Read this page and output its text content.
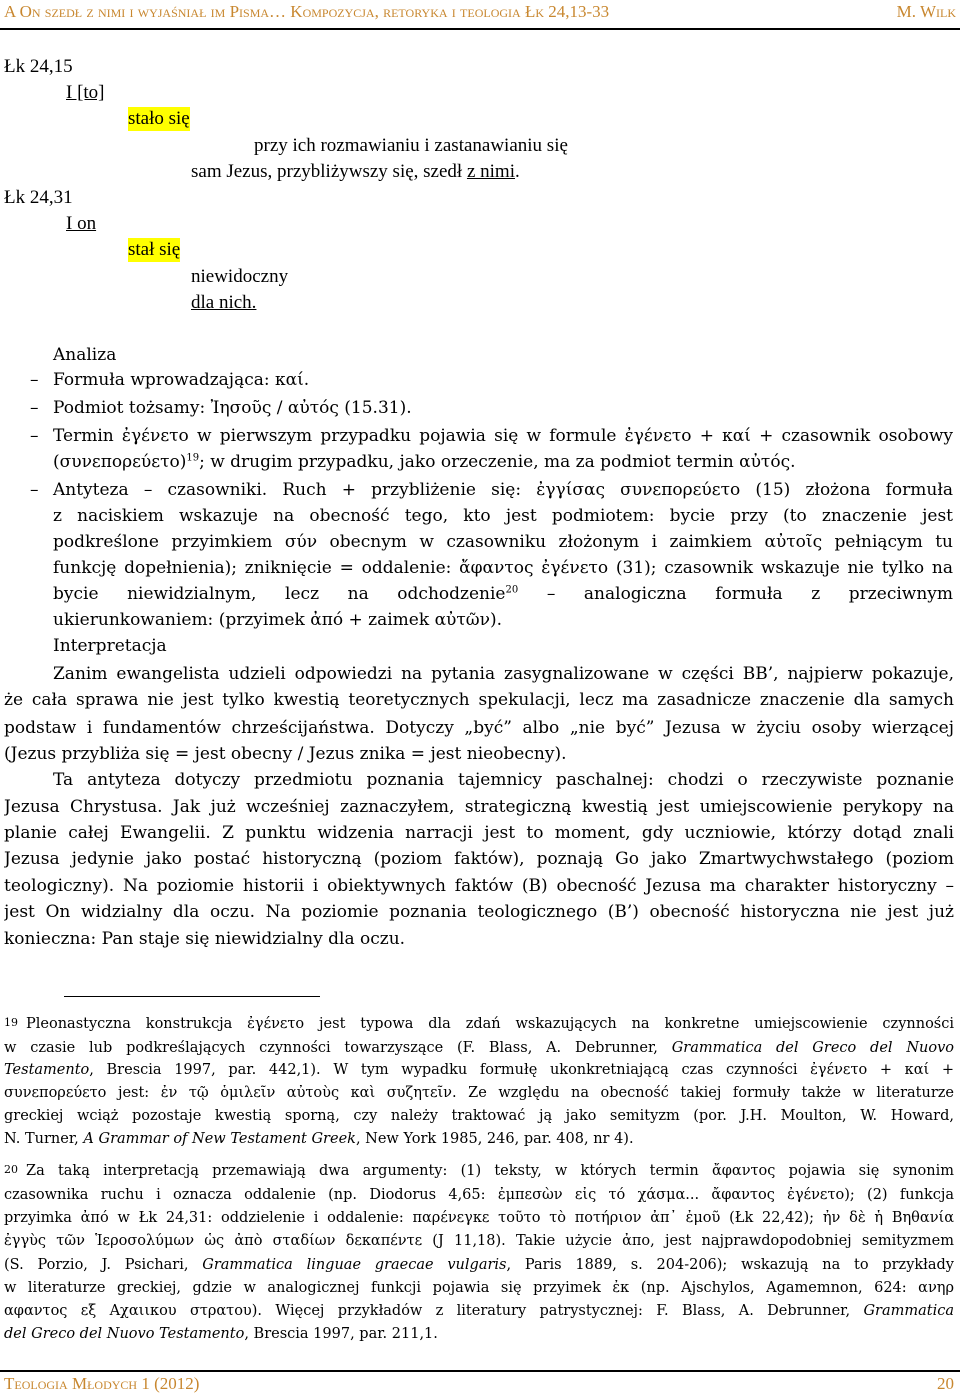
A On szedł z nimi i wyjaśniał im Pisma… Kompozycja, retoryka i teologia Łk 24,13-33	M. Wilk
Łk 24,15
I [to]
stało się
przy ich rozmawianiu i zastanawianiu się
sam Jezus, przybliżywszy się, szedł z nimi.
Łk 24,31
I on
stał się
niewidoczny
dla nich.
Analiza
– Formuła wprowadzająca: καί.
– Podmiot tożsamy: Ἰησοῦς / αὐτός (15.31).
– Termin ἐγένετο w pierwszym przypadku pojawia się w formule ἐγένετο + καί + czasownik osobowy
$(\sigma\upsilon\nu\varepsilon\pi o\rho\varepsilon ύ\varepsilon\tau o)^{19}$; w drugim przypadku, jako orzeczenie, ma za podmiot termin αὐτός.
– Antyteza – czasowniki. Ruch + przybliżenie się: ἐγγίσας συνεπορεύετο (15) złożona formuła
z naciskiem wskazuje na obecność tego, kto jest podmiotem: bycie przy (to znaczenie jest
podkreślone przyimkiem σύν obecnym w czasowniku złożonym i zaimkiem αὐτοῖς pełniącym tu
funkcję dopełnienia); zniknięcie = oddalenie: ἄφαντος ἐγένετο (31); czasownik wskazuje nie tylko na
bycie niewidzialnym, lecz na odchodzenie$^{20}$ – analogiczna formuła z przeciwnym
ukierunkowaniem: (przyimek ἀπό + zaimek αὐτῶν).
Interpretacja
Zanim ewangelista udzieli odpowiedzi na pytania zasygnalizowane w części BB’, najpierw pokazuje,
że cała sprawa nie jest tylko kwestią teoretycznych spekulacji, lecz ma zasadnicze znaczenie dla samych
podstaw i fundamentów chrześcijaństwa. Dotyczy „być” albo „nie być” Jezusa w życiu osoby wierzącej
(Jezus przybliża się = jest obecny / Jezus znika = jest nieobecny).
Ta antyteza dotyczy przedmiotu poznania tajemnicy paschalnej: chodzi o rzeczywiste poznanie
Jezusa Chrystusa. Jak już wcześniej zaznaczyłem, strategiczną kwestią jest umiejscowienie perykopy na
planie całej Ewangelii. Z punktu widzenia narracji jest to moment, gdy uczniowie, którzy dotąd znali
Jezusa jedynie jako postać historyczną (poziom faktów), poznają Go jako Zmartwychwstałego (poziom
teologiczny). Na poziomie historii i obiektywnych faktów (B) obecność Jezusa ma charakter historyczny –
jest On widzialny dla oczu. Na poziomie poznania teologicznego (B’) obecność historyczna nie jest już
konieczna: Pan staje się niewidzialny dla oczu.
19 Pleonastyczna konstrukcja ἐγένετο jest typowa dla zdań wskazujących na konkretne umiejscowienie czynności
w czasie lub podkreślających czynności towarzyszące (F. Blass, A. Debrunner, Grammatica del Greco del Nuovo
Testamento, Brescia 1997, par. 442,1). W tym wypadku formułę ukonkretniającą czas czynności ἐγένετο + καί +
συνεπορεύετο jest: ἐν τῷ ὁμιλεῖν αὐτοὺς καὶ συζητεῖν. Ze względu na obecność takiej formuły także w literaturze
greckiej wciąż pozostaje kwestią sporną, czy należy traktować ją jako semityzm (por. J.H. Moulton, W. Howard,
N. Turner, A Grammar of New Testament Greek, New York 1985, 246, par. 408, nr 4).
20 Za taką interpretacją przemawiają dwa argumenty: (1) teksty, w których termin ἄφαντος pojawia się synonim
czasownika ruchu i oznacza oddalenie (np. Diodorus 4,65: ἐμπεσὼν εἰς τό χάσμα... ἄφαντος ἐγένετο); (2) funkcja
przyimka ἀπό w Łk 24,31: oddzielenie i oddalenie: παρένεγκε τοῦτο τὸ ποτήριον ἀπ᾽ ἐμοῦ (Łk 22,42); ἦν δὲ ἡ Βηθανία
ἐγγὺς τῶν Ἱεροσολύμων ὡς ἀπὸ σταδίων δεκαπέντε (J 11,18). Takie użycie ἀπο, jest najprawdopodobniej semityzmem
(S. Porzio, J. Psichari, Grammatica linguae graecae vulgaris, Paris 1889, s. 204-206); wskazują na to przykłady
w literaturze greckiej, gdzie w analogicznej funkcji pojawia się przyimek ἐκ (np. Ajschylos, Agamemnon, 624: ανηρ
αφαντος εξ Αχαιικου στρατου). Więcej przykładów z literatury patrystycznej: F. Blass, A. Debrunner, Grammatica
del Greco del Nuovo Testamento, Brescia 1997, par. 211,1.
Teologia Młodych 1 (2012)	20
